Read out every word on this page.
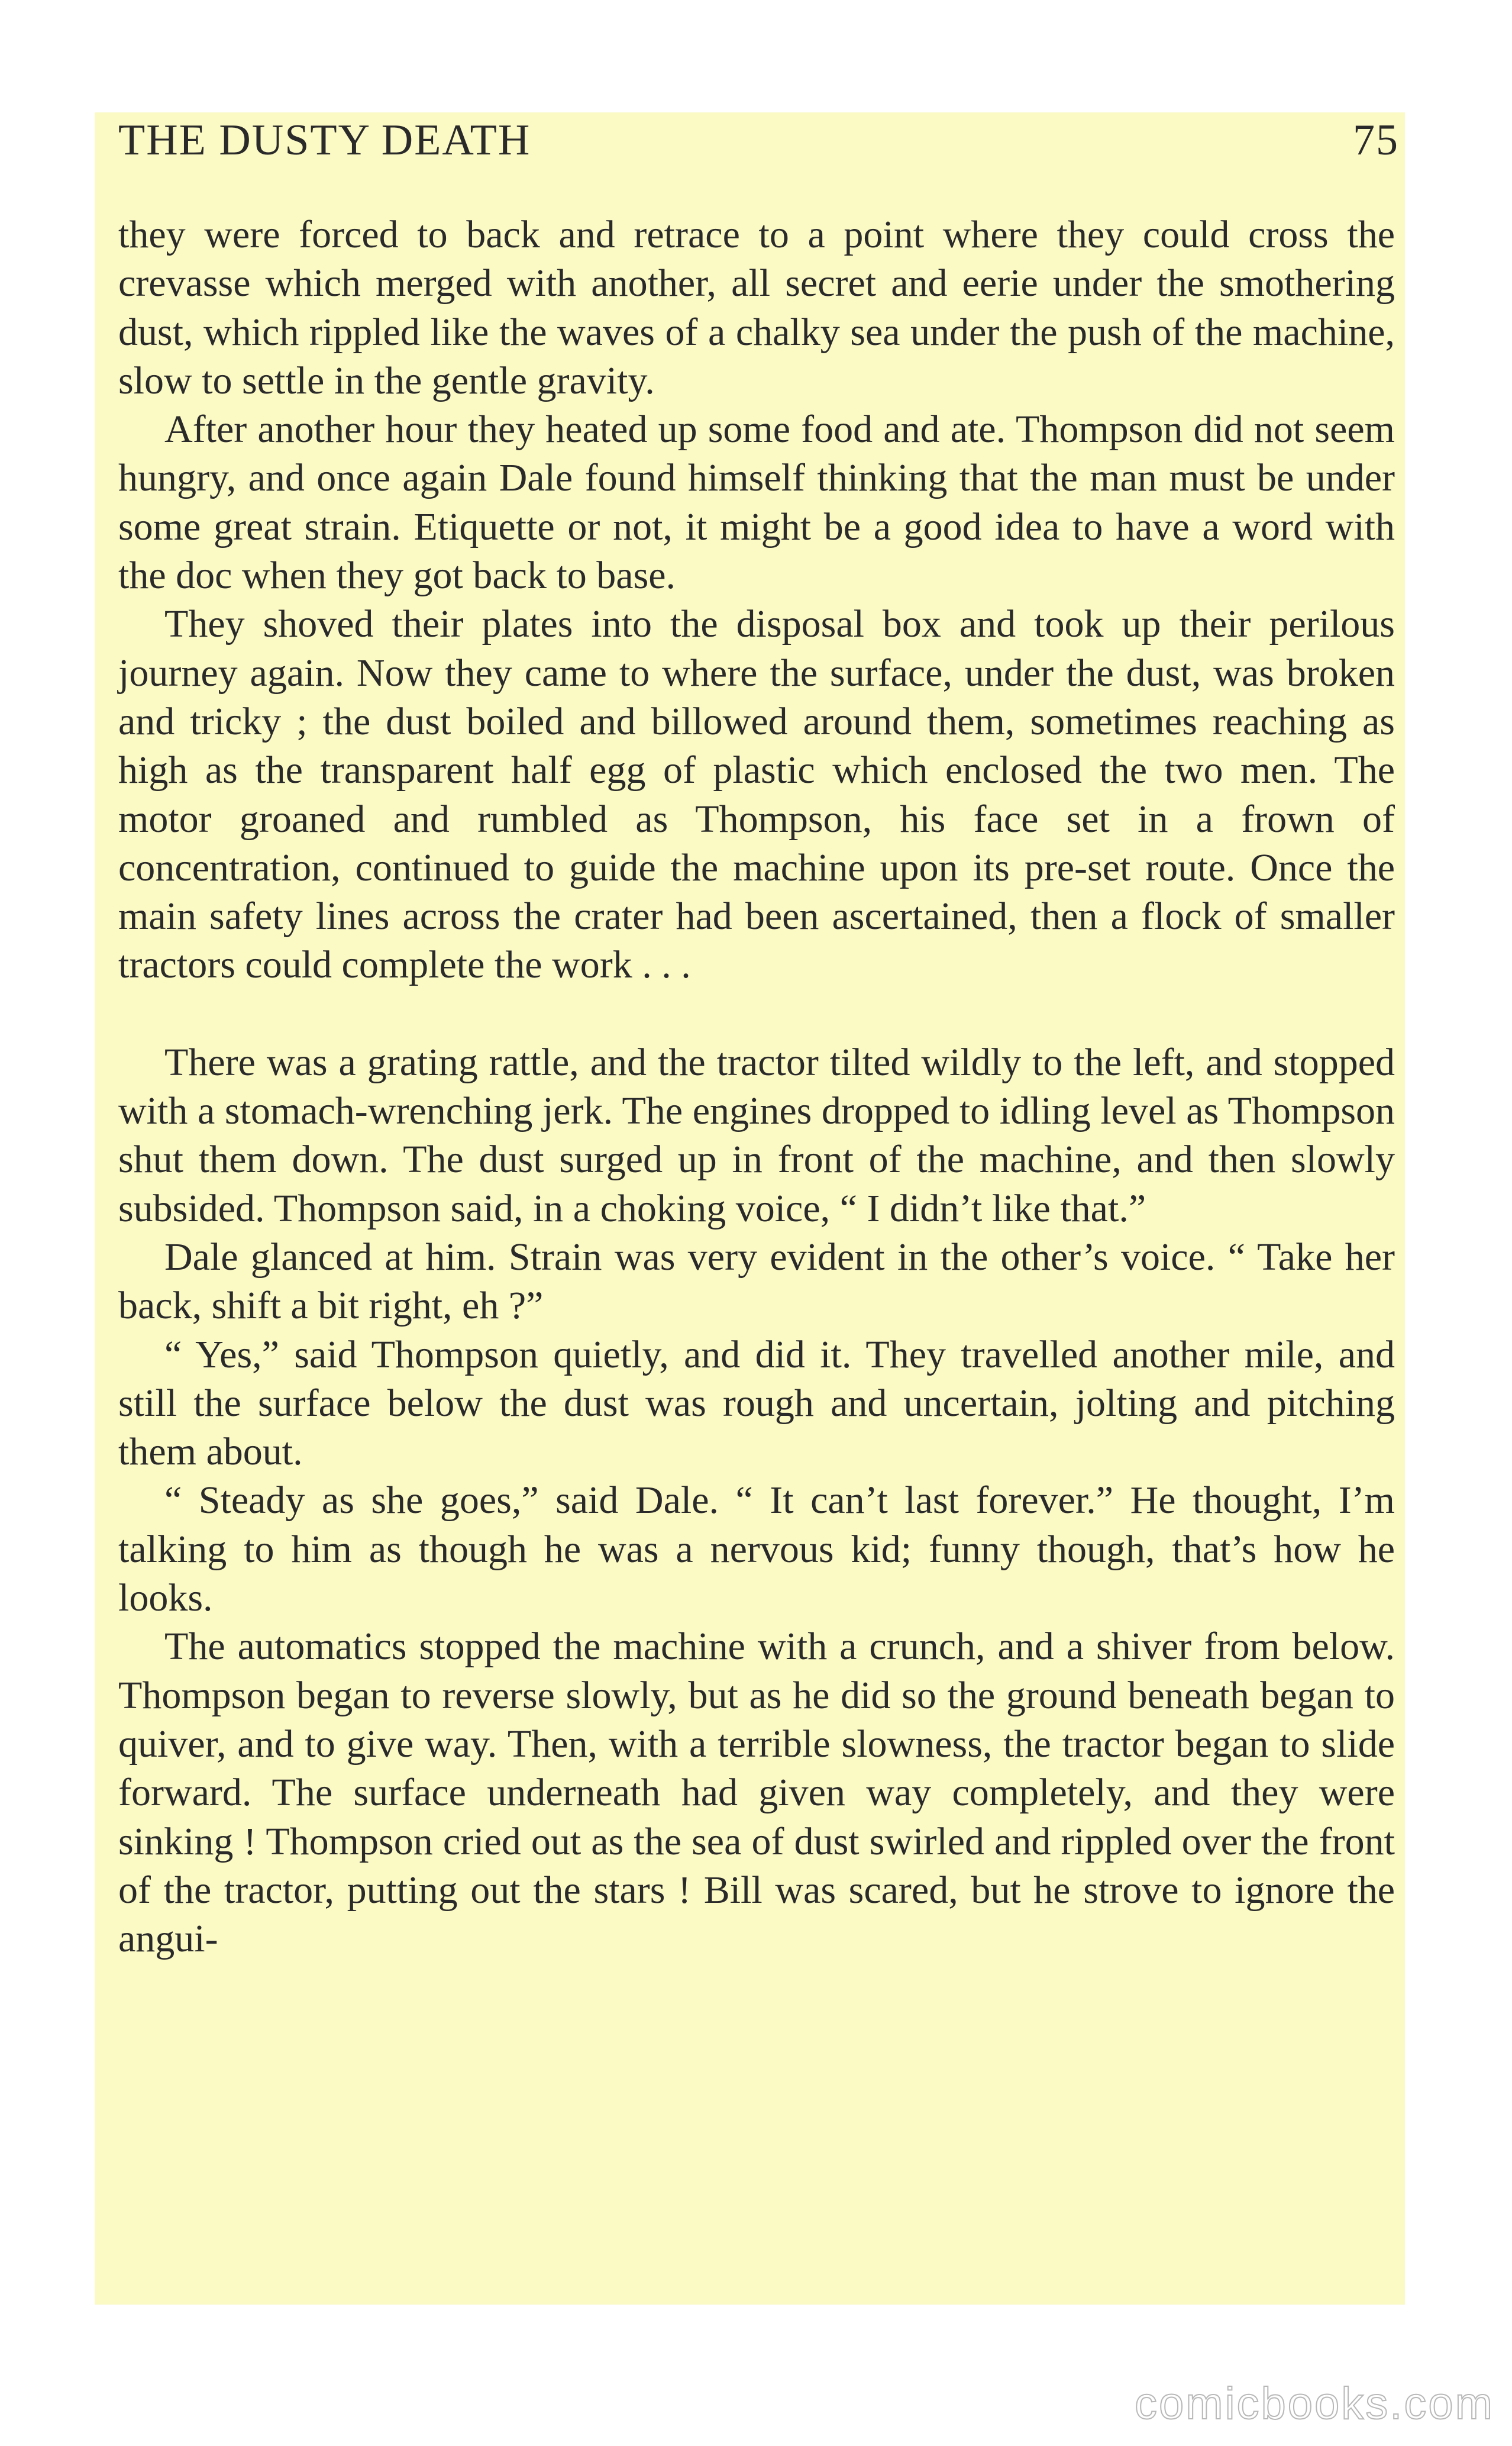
THE DUSTY DEATH	75

they were forced to back and retrace to a point where they could cross the crevasse which merged with another, all secret and eerie under the smothering dust, which rippled like the waves of a chalky sea under the push of the machine, slow to settle in the gentle gravity.

After another hour they heated up some food and ate. Thompson did not seem hungry, and once again Dale found himself thinking that the man must be under some great strain. Etiquette or not, it might be a good idea to have a word with the doc when they got back to base.

They shoved their plates into the disposal box and took up their perilous journey again. Now they came to where the surface, under the dust, was broken and tricky ; the dust boiled and billowed around them, sometimes reaching as high as the transparent half egg of plastic which enclosed the two men. The motor groaned and rumbled as Thompson, his face set in a frown of concentration, continued to guide the machine upon its pre-set route. Once the main safety lines across the crater had been ascertained, then a flock of smaller tractors could complete the work . . .

There was a grating rattle, and the tractor tilted wildly to the left, and stopped with a stomach-wrenching jerk. The engines dropped to idling level as Thompson shut them down. The dust surged up in front of the machine, and then slowly subsided. Thompson said, in a choking voice, “ I didn’t like that.”

Dale glanced at him. Strain was very evident in the other’s voice. “ Take her back, shift a bit right, eh ?”

“ Yes,” said Thompson quietly, and did it. They travelled another mile, and still the surface below the dust was rough and uncertain, jolting and pitching them about.

“ Steady as she goes,” said Dale. “ It can’t last forever.” He thought, I’m talking to him as though he was a nervous kid; funny though, that’s how he looks.

The automatics stopped the machine with a crunch, and a shiver from below. Thompson began to reverse slowly, but as he did so the ground beneath began to quiver, and to give way. Then, with a terrible slowness, the tractor began to slide forward. The surface underneath had given way completely, and they were sinking ! Thompson cried out as the sea of dust swirled and rippled over the front of the tractor, putting out the stars ! Bill was scared, but he strove to ignore the angui-

comicbooks.com
